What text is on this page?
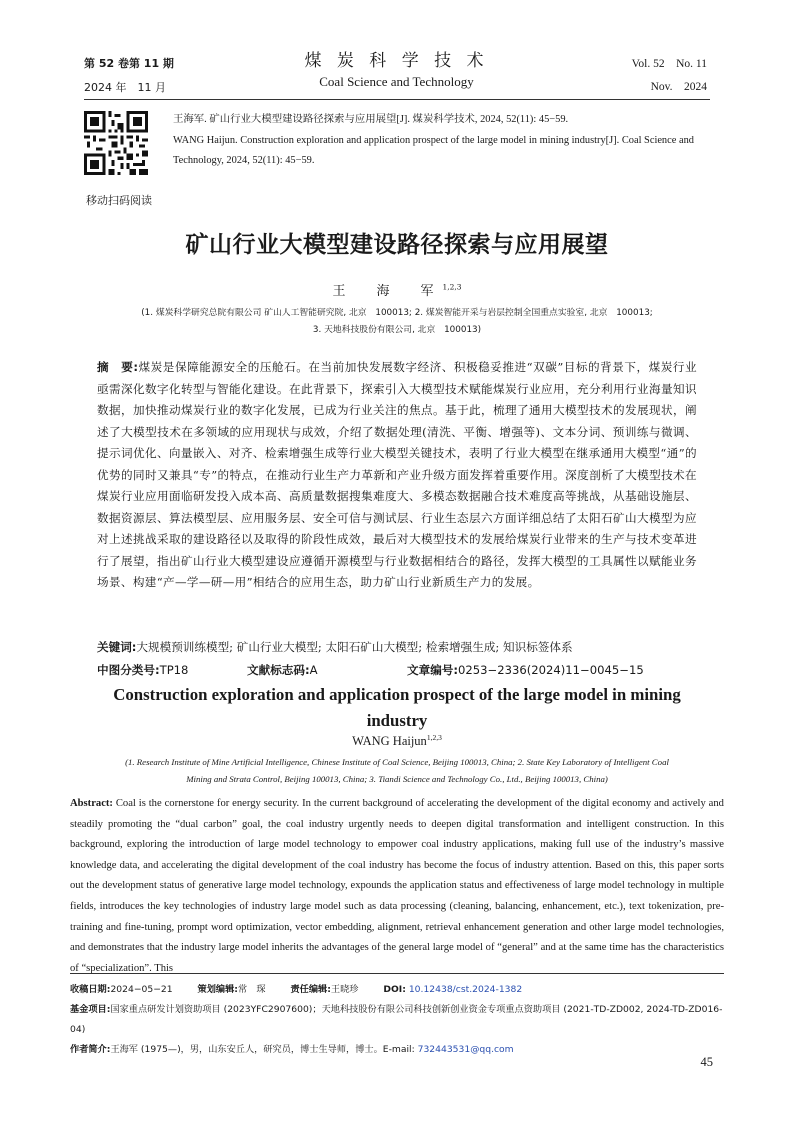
第 52 卷第 11 期
2024 年　11 月
煤 炭 科 学 技 术
Coal Science and Technology
Vol. 52　No. 11
Nov.　2024
移动扫码阅读
王海军. 矿山行业大模型建设路径探索与应用展望[J]. 煤炭科学技术, 2024, 52(11): 45−59.
WANG Haijun. Construction exploration and application prospect of the large model in mining industry[J]. Coal Science and Technology, 2024, 52(11): 45−59.
矿山行业大模型建设路径探索与应用展望
王　海　军$^{1,2,3}$
(1. 煤炭科学研究总院有限公司 矿山人工智能研究院, 北京　100013; 2. 煤炭智能开采与岩层控制全国重点实验室, 北京　100013;
3. 天地科技股份有限公司, 北京　100013)
摘　要:煤炭是保障能源安全的压舱石。在当前加快发展数字经济、积极稳妥推进“双碳”目标的背景下，煤炭行业亟需深化数字化转型与智能化建设。在此背景下，探索引入大模型技术赋能煤炭行业应用，充分利用行业海量知识数据，加快推动煤炭行业的数字化发展，已成为行业关注的焦点。基于此，梳理了通用大模型技术的发展现状，阐述了大模型技术在多领域的应用现状与成效，介绍了数据处理(清洗、平衡、增强等)、文本分词、预训练与微调、提示词优化、向量嵌入、对齐、检索增强生成等行业大模型关键技术，表明了行业大模型在继承通用大模型“通”的优势的同时又兼具“专”的特点，在推动行业生产力革新和产业升级方面发挥着重要作用。深度剖析了大模型技术在煤炭行业应用面临研发投入成本高、高质量数据搜集难度大、多模态数据融合技术难度高等挑战，从基础设施层、数据资源层、算法模型层、应用服务层、安全可信与测试层、行业生态层六方面详细总结了太阳石矿山大模型为应对上述挑战采取的建设路径以及取得的阶段性成效，最后对大模型技术的发展给煤炭行业带来的生产与技术变革进行了展望，指出矿山行业大模型建设应遵循开源模型与行业数据相结合的路径，发挥大模型的工具属性以赋能业务场景、构建“产—学—研—用”相结合的应用生态，助力矿山行业新质生产力的发展。
关键词:大规模预训练模型; 矿山行业大模型; 太阳石矿山大模型; 检索增强生成; 知识标签体系
中图分类号:TP18	文献标志码:A	文章编号:0253−2336(2024)11−0045−15
Construction exploration and application prospect of the large model in mining industry
WANG Haijun$^{1,2,3}$
(1. Research Institute of Mine Artificial Intelligence, Chinese Institute of Coal Science, Beijing 100013, China; 2. State Key Laboratory of Intelligent Coal
Mining and Strata Control, Beijing 100013, China; 3. Tiandi Science and Technology Co., Ltd., Beijing 100013, China)
Abstract: Coal is the cornerstone for energy security. In the current background of accelerating the development of the digital economy and actively and steadily promoting the “dual carbon” goal, the coal industry urgently needs to deepen digital transformation and intelligent construction. In this background, exploring the introduction of large model technology to empower coal industry applications, making full use of the industry’s massive knowledge data, and accelerating the digital development of the coal industry has become the focus of industry attention. Based on this, this paper sorts out the development status of generative large model technology, expounds the application status and effectiveness of large model technology in multiple fields, introduces the key technologies of industry large model such as data processing (cleaning, balancing, enhancement, etc.), text tokenization, pre-training and fine-tuning, prompt word optimization, vector embedding, alignment, retrieval enhancement generation and other large model technologies, and demonstrates that the industry large model inherits the advantages of the general large model of “general” and at the same time has the characteristics of “specialization”. This
收稿日期:2024−05−21	策划编辑:常　琛	责任编辑:王晓珍	DOI: 10.12438/cst.2024-1382
基金项目:国家重点研发计划资助项目 (2023YFC2907600)；天地科技股份有限公司科技创新创业资金专项重点资助项目 (2021-TD-ZD002, 2024-TD-ZD016-04)
作者简介:王海军 (1975—)，男，山东安丘人，研究员，博士生导师，博士。E-mail: 732443531@qq.com
45
